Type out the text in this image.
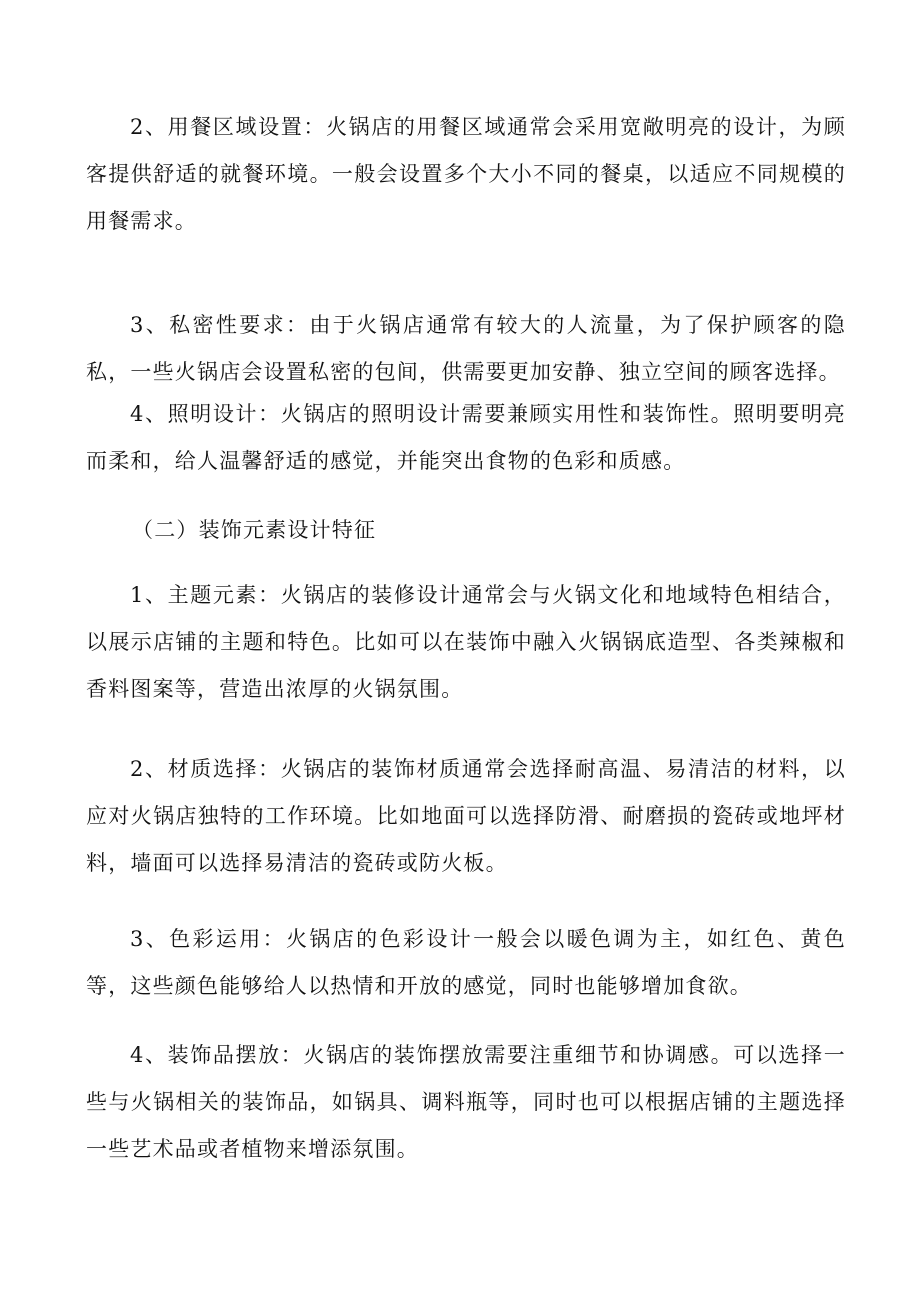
2、用餐区域设置：火锅店的用餐区域通常会采用宽敞明亮的设计，为顾客提供舒适的就餐环境。一般会设置多个大小不同的餐桌，以适应不同规模的用餐需求。

3、私密性要求：由于火锅店通常有较大的人流量，为了保护顾客的隐私，一些火锅店会设置私密的包间，供需要更加安静、独立空间的顾客选择。

4、照明设计：火锅店的照明设计需要兼顾实用性和装饰性。照明要明亮而柔和，给人温馨舒适的感觉，并能突出食物的色彩和质感。

（二）装饰元素设计特征

1、主题元素：火锅店的装修设计通常会与火锅文化和地域特色相结合，以展示店铺的主题和特色。比如可以在装饰中融入火锅锅底造型、各类辣椒和香料图案等，营造出浓厚的火锅氛围。

2、材质选择：火锅店的装饰材质通常会选择耐高温、易清洁的材料，以应对火锅店独特的工作环境。比如地面可以选择防滑、耐磨损的瓷砖或地坪材料，墙面可以选择易清洁的瓷砖或防火板。

3、色彩运用：火锅店的色彩设计一般会以暖色调为主，如红色、黄色等，这些颜色能够给人以热情和开放的感觉，同时也能够增加食欲。

4、装饰品摆放：火锅店的装饰摆放需要注重细节和协调感。可以选择一些与火锅相关的装饰品，如锅具、调料瓶等，同时也可以根据店铺的主题选择一些艺术品或者植物来增添氛围。
